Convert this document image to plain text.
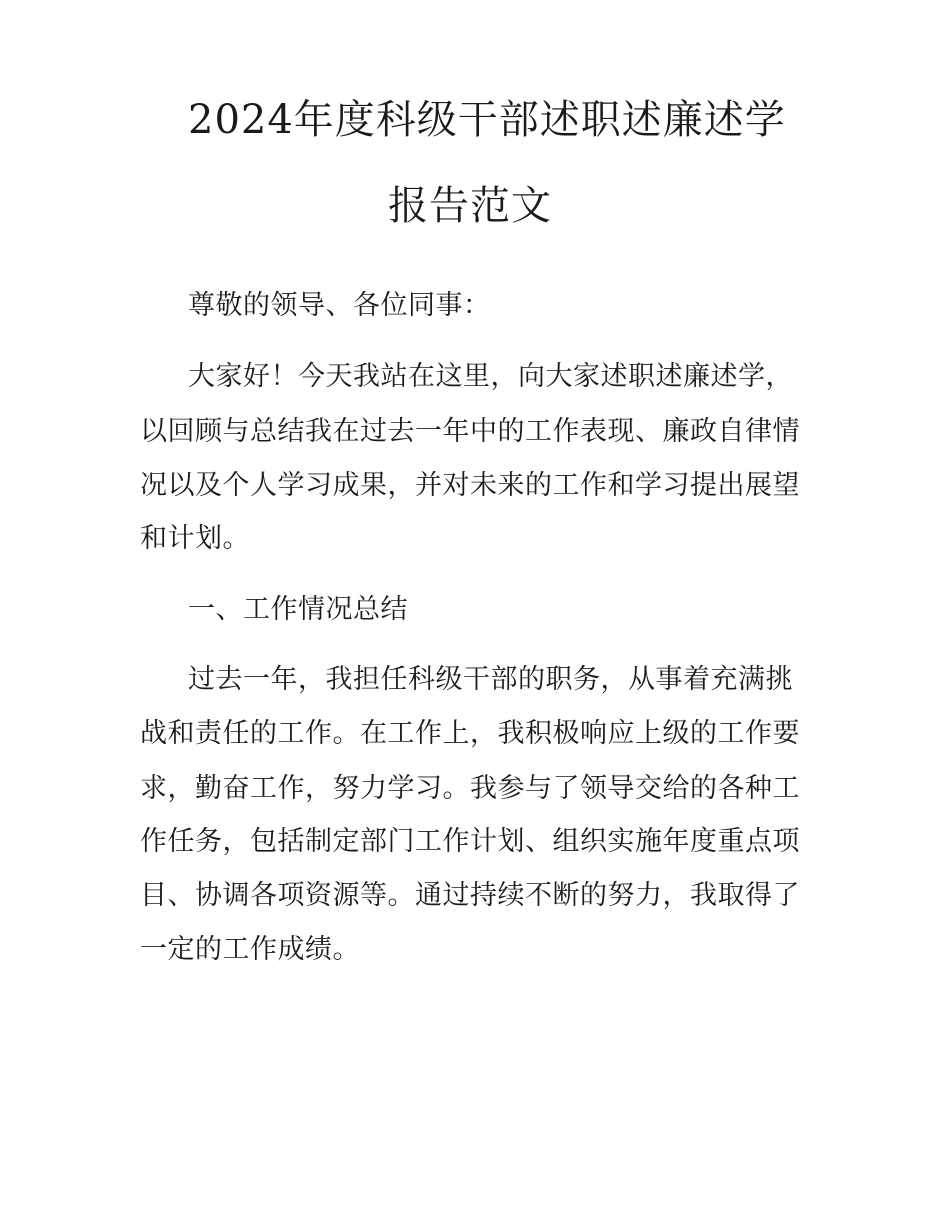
2024年度科级干部述职述廉述学
报告范文
尊敬的领导、各位同事：
大家好！今天我站在这里，向大家述职述廉述学，
以回顾与总结我在过去一年中的工作表现、廉政自律情
况以及个人学习成果，并对未来的工作和学习提出展望
和计划。
一、工作情况总结
过去一年，我担任科级干部的职务，从事着充满挑
战和责任的工作。在工作上，我积极响应上级的工作要
求，勤奋工作，努力学习。我参与了领导交给的各种工
作任务，包括制定部门工作计划、组织实施年度重点项
目、协调各项资源等。通过持续不断的努力，我取得了
一定的工作成绩。
